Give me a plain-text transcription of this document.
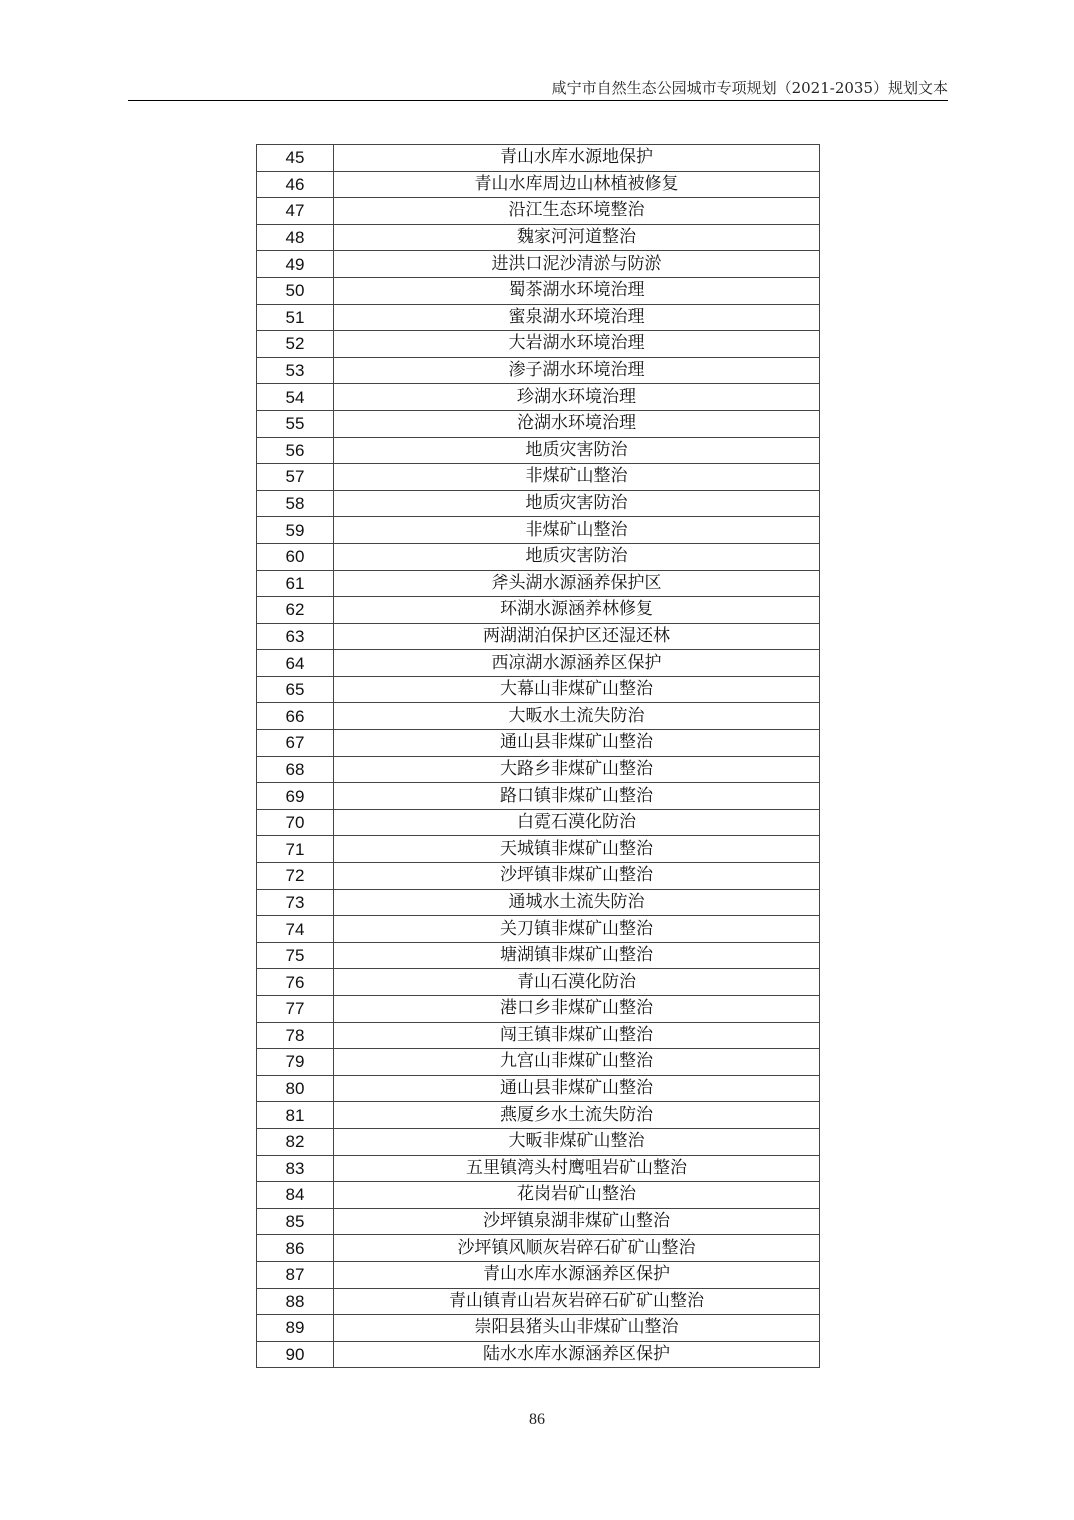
咸宁市自然生态公园城市专项规划（2021-2035）规划文本
45	青山水库水源地保护
46	青山水库周边山林植被修复
47	沿江生态环境整治
48	魏家河河道整治
49	进洪口泥沙清淤与防淤
50	蜀茶湖水环境治理
51	蜜泉湖水环境治理
52	大岩湖水环境治理
53	渗子湖水环境治理
54	珍湖水环境治理
55	沧湖水环境治理
56	地质灾害防治
57	非煤矿山整治
58	地质灾害防治
59	非煤矿山整治
60	地质灾害防治
61	斧头湖水源涵养保护区
62	环湖水源涵养林修复
63	两湖湖泊保护区还湿还林
64	西凉湖水源涵养区保护
65	大幕山非煤矿山整治
66	大畈水土流失防治
67	通山县非煤矿山整治
68	大路乡非煤矿山整治
69	路口镇非煤矿山整治
70	白霓石漠化防治
71	天城镇非煤矿山整治
72	沙坪镇非煤矿山整治
73	通城水土流失防治
74	关刀镇非煤矿山整治
75	塘湖镇非煤矿山整治
76	青山石漠化防治
77	港口乡非煤矿山整治
78	闯王镇非煤矿山整治
79	九宫山非煤矿山整治
80	通山县非煤矿山整治
81	燕厦乡水土流失防治
82	大畈非煤矿山整治
83	五里镇湾头村鹰咀岩矿山整治
84	花岗岩矿山整治
85	沙坪镇泉湖非煤矿山整治
86	沙坪镇风顺灰岩碎石矿矿山整治
87	青山水库水源涵养区保护
88	青山镇青山岩灰岩碎石矿矿山整治
89	崇阳县猪头山非煤矿山整治
90	陆水水库水源涵养区保护
86
